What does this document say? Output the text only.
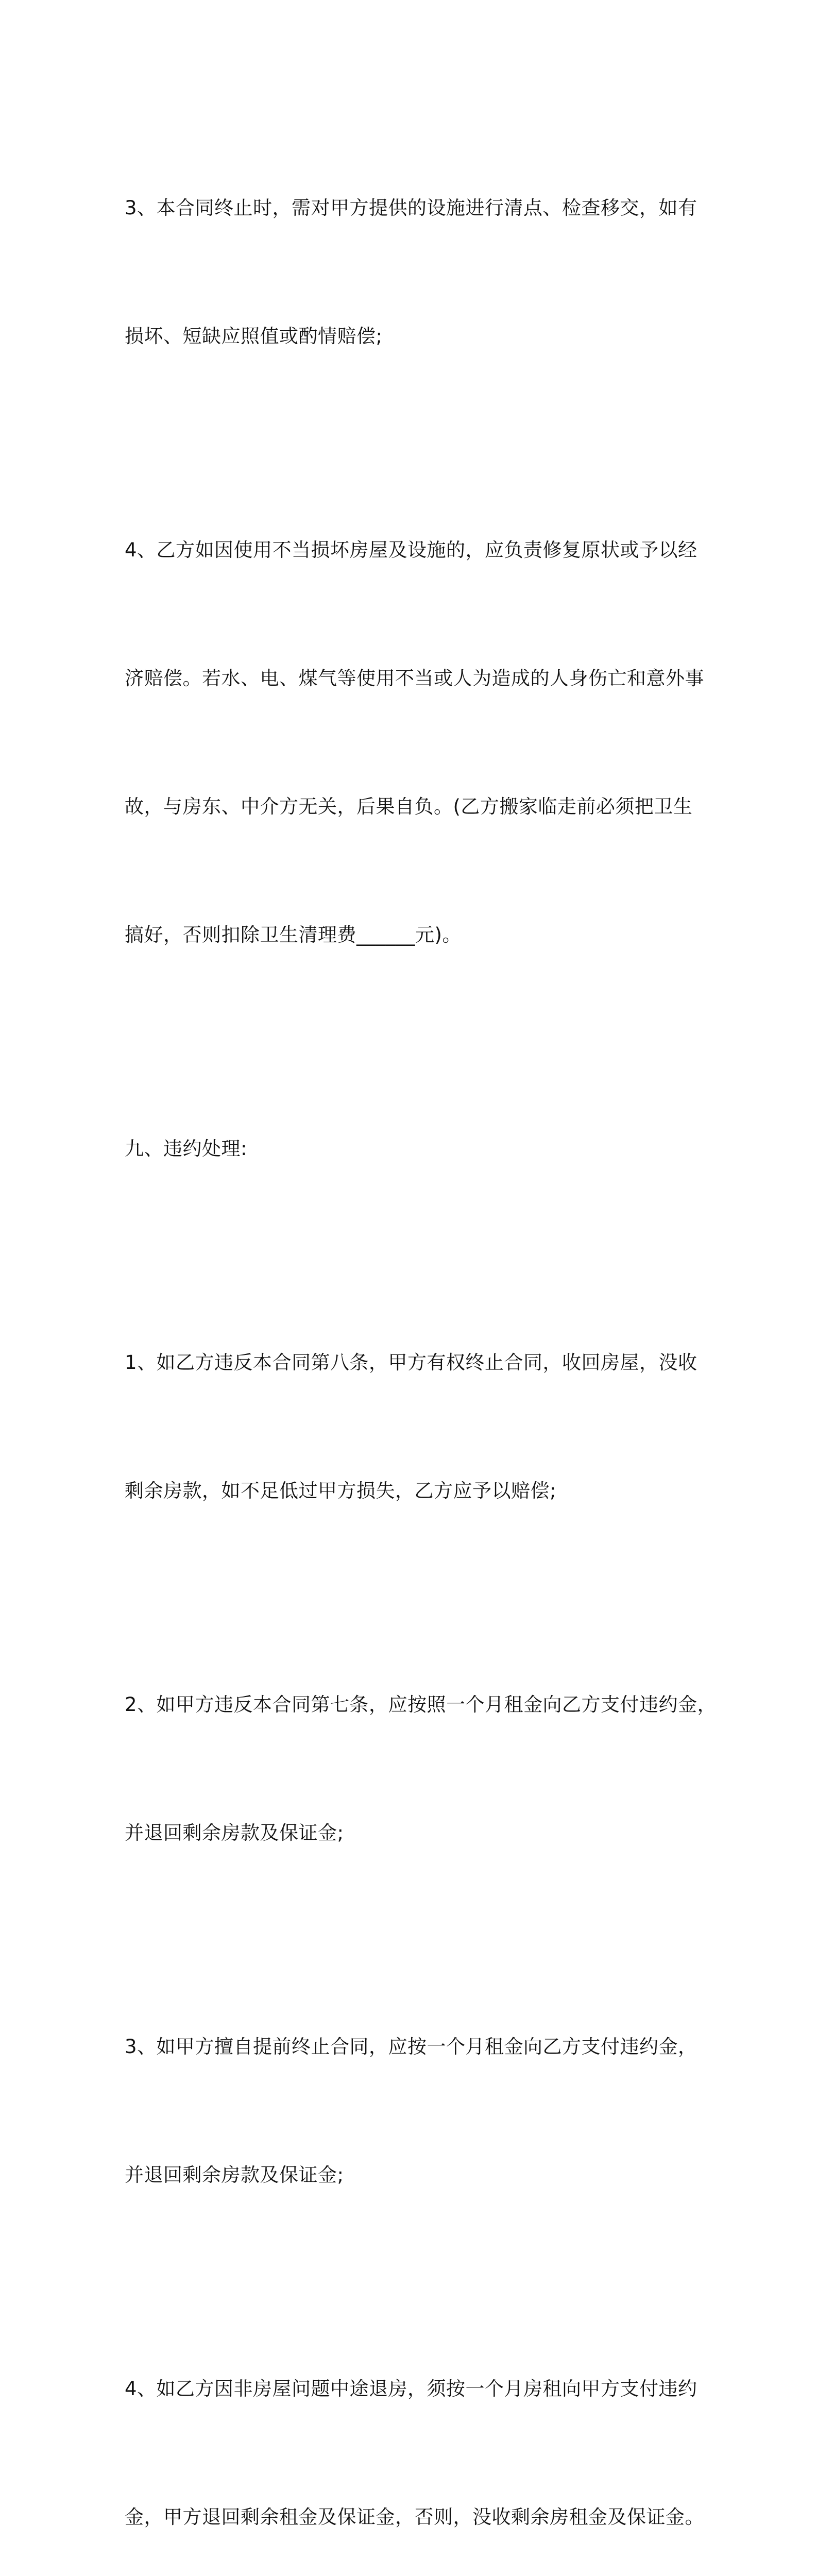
3、本合同终止时，需对甲方提供的设施进行清点、检查移交，如有

损坏、短缺应照值或酌情赔偿;

4、乙方如因使用不当损坏房屋及设施的，应负责修复原状或予以经

济赔偿。若水、电、煤气等使用不当或人为造成的人身伤亡和意外事

故，与房东、中介方无关，后果自负。(乙方搬家临走前必须把卫生

搞好，否则扣除卫生清理费______元)。

九、违约处理:

1、如乙方违反本合同第八条，甲方有权终止合同，收回房屋，没收

剩余房款，如不足低过甲方损失，乙方应予以赔偿;

2、如甲方违反本合同第七条，应按照一个月租金向乙方支付违约金，

并退回剩余房款及保证金;

3、如甲方擅自提前终止合同，应按一个月租金向乙方支付违约金，

并退回剩余房款及保证金;

4、如乙方因非房屋问题中途退房，须按一个月房租向甲方支付违约

金，甲方退回剩余租金及保证金，否则，没收剩余房租金及保证金。
